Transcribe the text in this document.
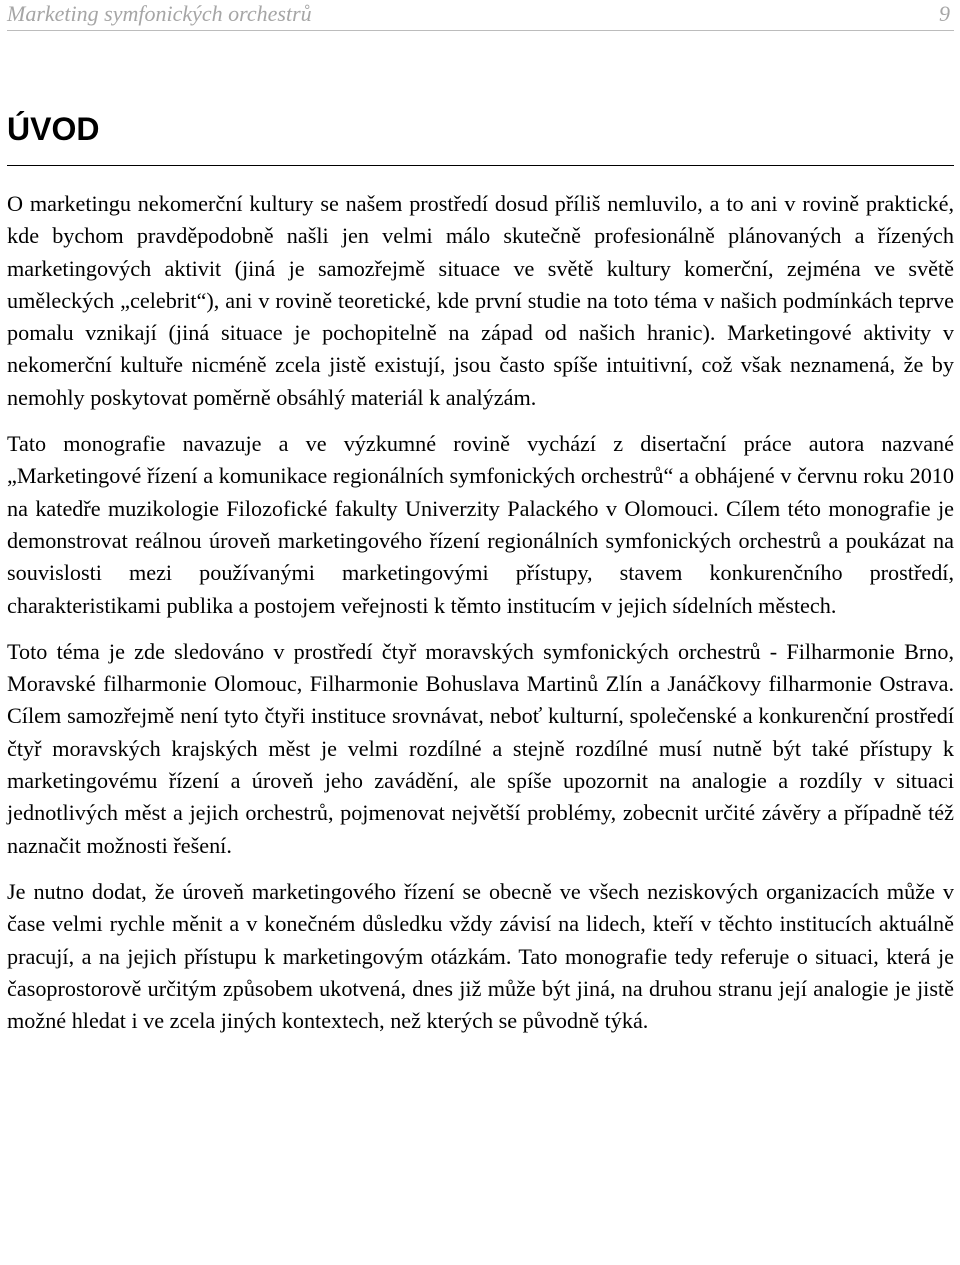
Marketing symfonických orchestrů	9
ÚVOD

O marketingu nekomerční kultury se našem prostředí dosud příliš nemluvilo, a to ani v rovině praktické, kde bychom pravděpodobně našli jen velmi málo skutečně profesionálně plánovaných a řízených marketingových aktivit (jiná je samozřejmě situace ve světě kultury komerční, zejména ve světě uměleckých „celebrit“), ani v rovině teoretické, kde první studie na toto téma v našich podmínkách teprve pomalu vznikají (jiná situace je pochopitelně na západ od našich hranic). Marketingové aktivity v nekomerční kultuře nicméně zcela jistě existují, jsou často spíše intuitivní, což však neznamená, že by nemohly poskytovat poměrně obsáhlý materiál k analýzám.

Tato monografie navazuje a ve výzkumné rovině vychází z disertační práce autora nazvané „Marketingové řízení a komunikace regionálních symfonických orchestrů“ a obhájené v červnu roku 2010 na katedře muzikologie Filozofické fakulty Univerzity Palackého v Olomouci. Cílem této monografie je demonstrovat reálnou úroveň marketingového řízení regionálních symfonických orchestrů a poukázat na souvislosti mezi používanými marketingovými přístupy, stavem konkurenčního prostředí, charakteristikami publika a postojem veřejnosti k těmto institucím v jejich sídelních městech.

Toto téma je zde sledováno v prostředí čtyř moravských symfonických orchestrů - Filharmonie Brno, Moravské filharmonie Olomouc, Filharmonie Bohuslava Martinů Zlín a Janáčkovy filharmonie Ostrava. Cílem samozřejmě není tyto čtyři instituce srovnávat, neboť kulturní, společenské a konkurenční prostředí čtyř moravských krajských měst je velmi rozdílné a stejně rozdílné musí nutně být také přístupy k marketingovému řízení a úroveň jeho zavádění, ale spíše upozornit na analogie a rozdíly v situaci jednotlivých měst a jejich orchestrů, pojmenovat největší problémy, zobecnit určité závěry a případně též naznačit možnosti řešení.

Je nutno dodat, že úroveň marketingového řízení se obecně ve všech neziskových organizacích může v čase velmi rychle měnit a v konečném důsledku vždy závisí na lidech, kteří v těchto institucích aktuálně pracují, a na jejich přístupu k marketingovým otázkám. Tato monografie tedy referuje o situaci, která je časoprostorově určitým způsobem ukotvená, dnes již může být jiná, na druhou stranu její analogie je jistě možné hledat i ve zcela jiných kontextech, než kterých se původně týká.
